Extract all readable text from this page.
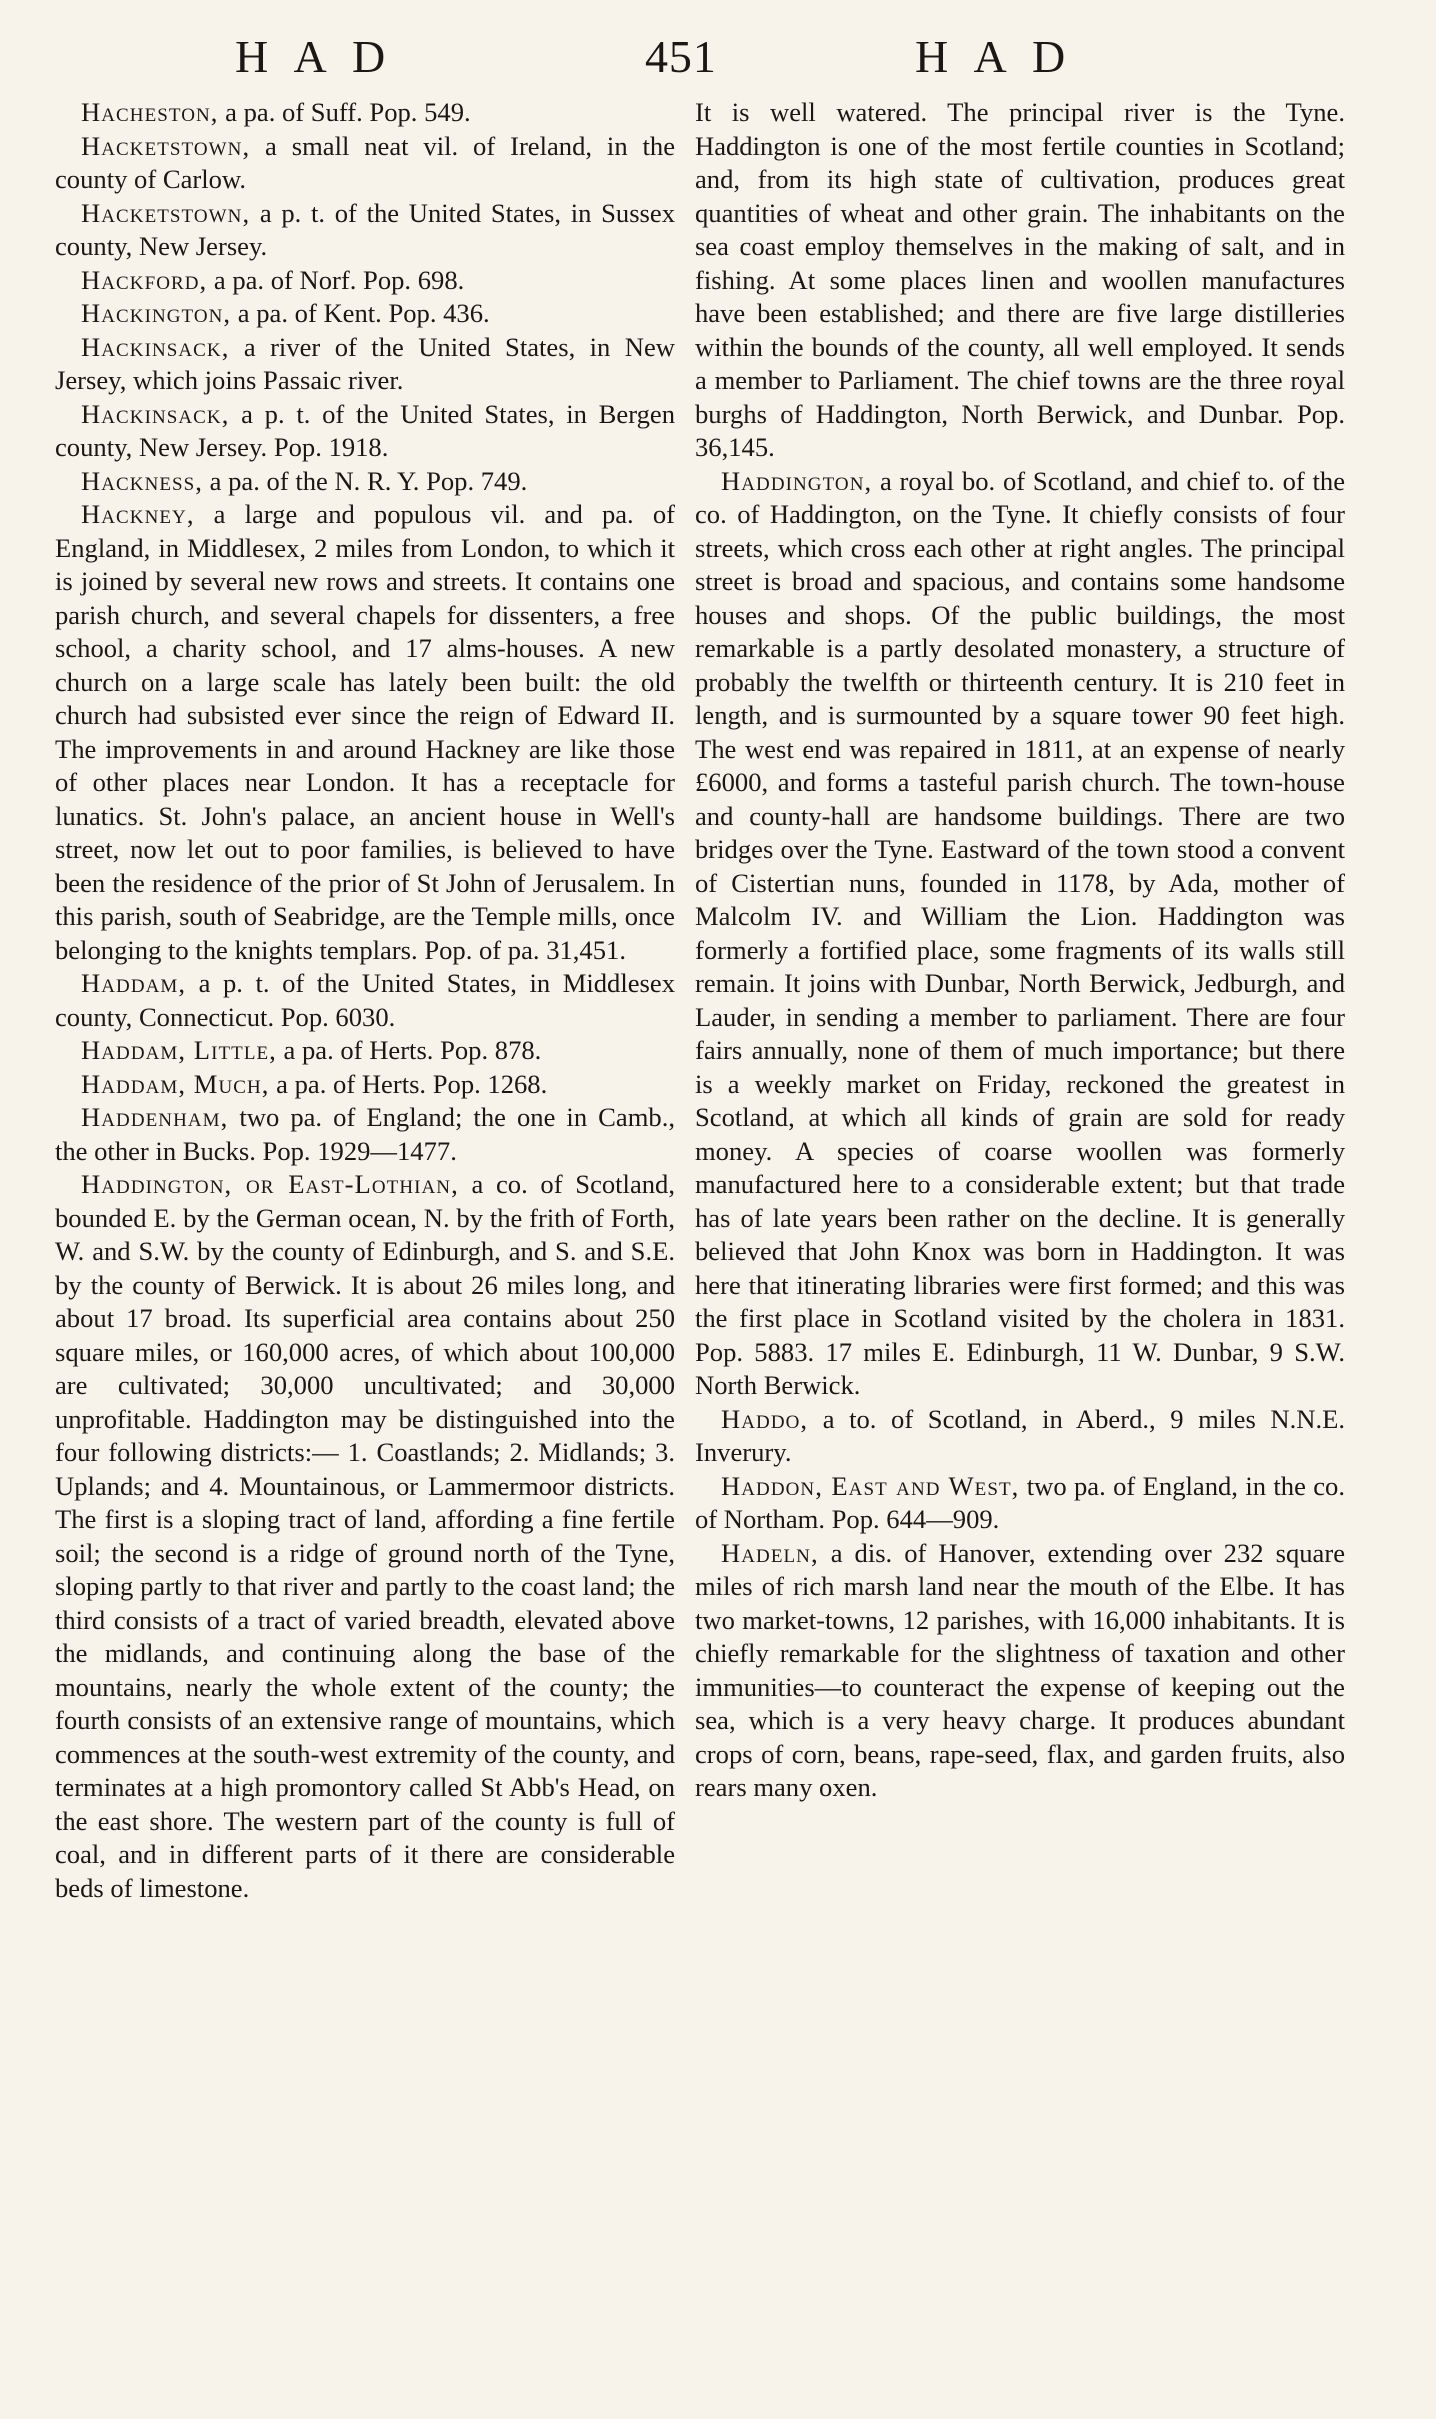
HAD	451	HAD

Hacheston, a pa. of Suff. Pop. 549.

Hacketstown, a small neat vil. of Ireland, in the county of Carlow.

Hacketstown, a p. t. of the United States, in Sussex county, New Jersey.

Hackford, a pa. of Norf. Pop. 698.

Hackington, a pa. of Kent. Pop. 436.

Hackinsack, a river of the United States, in New Jersey, which joins Passaic river.

Hackinsack, a p. t. of the United States, in Bergen county, New Jersey. Pop. 1918.

Hackness, a pa. of the N. R. Y. Pop. 749.

Hackney, a large and populous vil. and pa. of England, in Middlesex, 2 miles from London, to which it is joined by several new rows and streets. It contains one parish church, and several chapels for dissenters, a free school, a charity school, and 17 alms-houses. A new church on a large scale has lately been built: the old church had subsisted ever since the reign of Edward II. The improvements in and around Hackney are like those of other places near London. It has a receptacle for lunatics. St. John's palace, an ancient house in Well's street, now let out to poor families, is believed to have been the residence of the prior of St John of Jerusalem. In this parish, south of Seabridge, are the Temple mills, once belonging to the knights templars. Pop. of pa. 31,451.

Haddam, a p. t. of the United States, in Middlesex county, Connecticut. Pop. 6030.

Haddam, Little, a pa. of Herts. Pop. 878.

Haddam, Much, a pa. of Herts. Pop. 1268.

Haddenham, two pa. of England; the one in Camb., the other in Bucks. Pop. 1929—1477.

Haddington, or East-Lothian, a co. of Scotland, bounded E. by the German ocean, N. by the frith of Forth, W. and S.W. by the county of Edinburgh, and S. and S.E. by the county of Berwick. It is about 26 miles long, and about 17 broad. Its superficial area contains about 250 square miles, or 160,000 acres, of which about 100,000 are cultivated; 30,000 uncultivated; and 30,000 unprofitable. Haddington may be distinguished into the four following districts:— 1. Coastlands; 2. Midlands; 3. Uplands; and 4. Mountainous, or Lammermoor districts. The first is a sloping tract of land, affording a fine fertile soil; the second is a ridge of ground north of the Tyne, sloping partly to that river and partly to the coast land; the third consists of a tract of varied breadth, elevated above the midlands, and continuing along the base of the mountains, nearly the whole extent of the county; the fourth consists of an extensive range of mountains, which commences at the south-west extremity of the county, and terminates at a high promontory called St Abb's Head, on the east shore. The western part of the county is full of coal, and in different parts of it there are considerable beds of limestone.

It is well watered. The principal river is the Tyne. Haddington is one of the most fertile counties in Scotland; and, from its high state of cultivation, produces great quantities of wheat and other grain. The inhabitants on the sea coast employ themselves in the making of salt, and in fishing. At some places linen and woollen manufactures have been established; and there are five large distilleries within the bounds of the county, all well employed. It sends a member to Parliament. The chief towns are the three royal burghs of Haddington, North Berwick, and Dunbar. Pop. 36,145.

Haddington, a royal bo. of Scotland, and chief to. of the co. of Haddington, on the Tyne. It chiefly consists of four streets, which cross each other at right angles. The principal street is broad and spacious, and contains some handsome houses and shops. Of the public buildings, the most remarkable is a partly desolated monastery, a structure of probably the twelfth or thirteenth century. It is 210 feet in length, and is surmounted by a square tower 90 feet high. The west end was repaired in 1811, at an expense of nearly £6000, and forms a tasteful parish church. The town-house and county-hall are handsome buildings. There are two bridges over the Tyne. Eastward of the town stood a convent of Cistertian nuns, founded in 1178, by Ada, mother of Malcolm IV. and William the Lion. Haddington was formerly a fortified place, some fragments of its walls still remain. It joins with Dunbar, North Berwick, Jedburgh, and Lauder, in sending a member to parliament. There are four fairs annually, none of them of much importance; but there is a weekly market on Friday, reckoned the greatest in Scotland, at which all kinds of grain are sold for ready money. A species of coarse woollen was formerly manufactured here to a considerable extent; but that trade has of late years been rather on the decline. It is generally believed that John Knox was born in Haddington. It was here that itinerating libraries were first formed; and this was the first place in Scotland visited by the cholera in 1831. Pop. 5883. 17 miles E. Edinburgh, 11 W. Dunbar, 9 S.W. North Berwick.

Haddo, a to. of Scotland, in Aberd., 9 miles N.N.E. Inverury.

Haddon, East and West, two pa. of England, in the co. of Northam. Pop. 644—909.

Hadeln, a dis. of Hanover, extending over 232 square miles of rich marsh land near the mouth of the Elbe. It has two market-towns, 12 parishes, with 16,000 inhabitants. It is chiefly remarkable for the slightness of taxation and other immunities—to counteract the expense of keeping out the sea, which is a very heavy charge. It produces abundant crops of corn, beans, rape-seed, flax, and garden fruits, also rears many oxen.
